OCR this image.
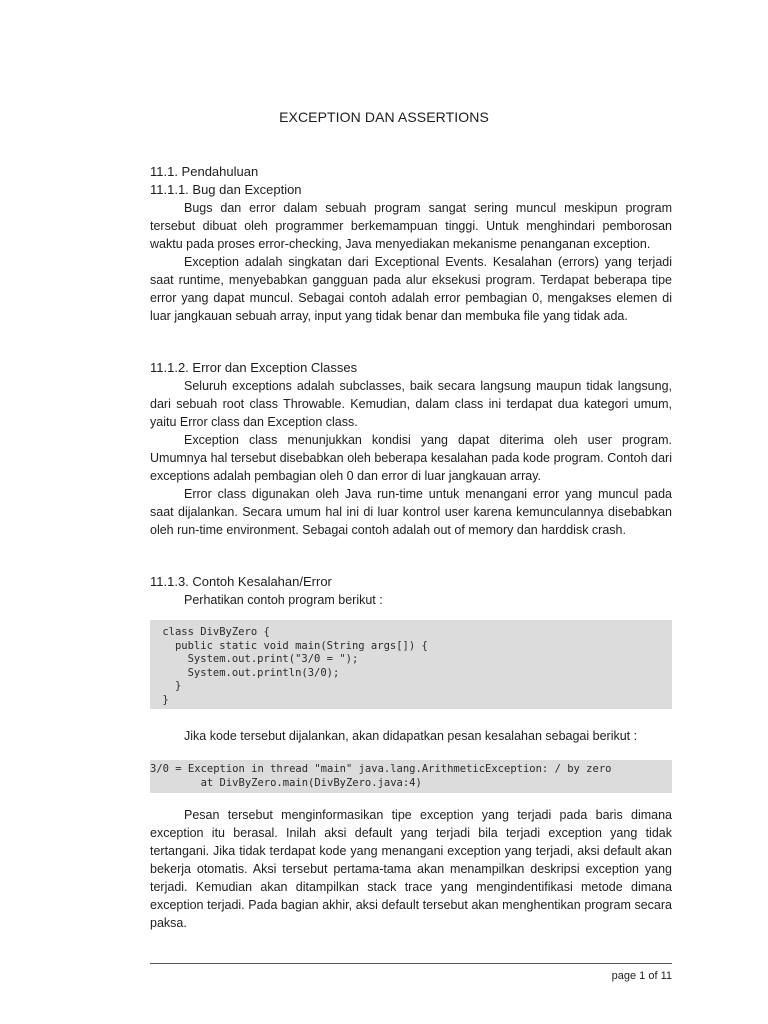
EXCEPTION DAN ASSERTIONS

11.1. Pendahuluan

11.1.1. Bug dan Exception

Bugs dan error dalam sebuah program sangat sering muncul meskipun program tersebut dibuat oleh programmer berkemampuan tinggi. Untuk menghindari pemborosan waktu pada proses error-checking, Java menyediakan mekanisme penanganan exception.

Exception adalah singkatan dari Exceptional Events. Kesalahan (errors) yang terjadi saat runtime, menyebabkan gangguan pada alur eksekusi program. Terdapat beberapa tipe error yang dapat muncul. Sebagai contoh adalah error pembagian 0, mengakses elemen di luar jangkauan sebuah array, input yang tidak benar dan membuka file yang tidak ada.

11.1.2. Error dan Exception Classes

Seluruh exceptions adalah subclasses, baik secara langsung maupun tidak langsung, dari sebuah root class Throwable. Kemudian, dalam class ini terdapat dua kategori umum, yaitu Error class dan Exception class.

Exception class menunjukkan kondisi yang dapat diterima oleh user program. Umumnya hal tersebut disebabkan oleh beberapa kesalahan pada kode program. Contoh dari exceptions adalah pembagian oleh 0 dan error di luar jangkauan array.

Error class digunakan oleh Java run-time untuk menangani error yang muncul pada saat dijalankan. Secara umum hal ini di luar kontrol user karena kemunculannya disebabkan oleh run-time environment. Sebagai contoh adalah out of memory dan harddisk crash.

11.1.3. Contoh Kesalahan/Error

Perhatikan contoh program berikut :

class DivByZero {
public static void main(String args[]) {
System.out.print("3/0 = ");
System.out.println(3/0);
}
}

Jika kode tersebut dijalankan, akan didapatkan pesan kesalahan sebagai berikut :

3/0 = Exception in thread "main" java.lang.ArithmeticException: / by zero
at DivByZero.main(DivByZero.java:4)

Pesan tersebut menginformasikan tipe exception yang terjadi pada baris dimana exception itu berasal. Inilah aksi default yang terjadi bila terjadi exception yang tidak tertangani. Jika tidak terdapat kode yang menangani exception yang terjadi, aksi default akan bekerja otomatis. Aksi tersebut pertama-tama akan menampilkan deskripsi exception yang terjadi. Kemudian akan ditampilkan stack trace yang mengindentifikasi metode dimana exception terjadi. Pada bagian akhir, aksi default tersebut akan menghentikan program secara paksa.

page 1 of 11
